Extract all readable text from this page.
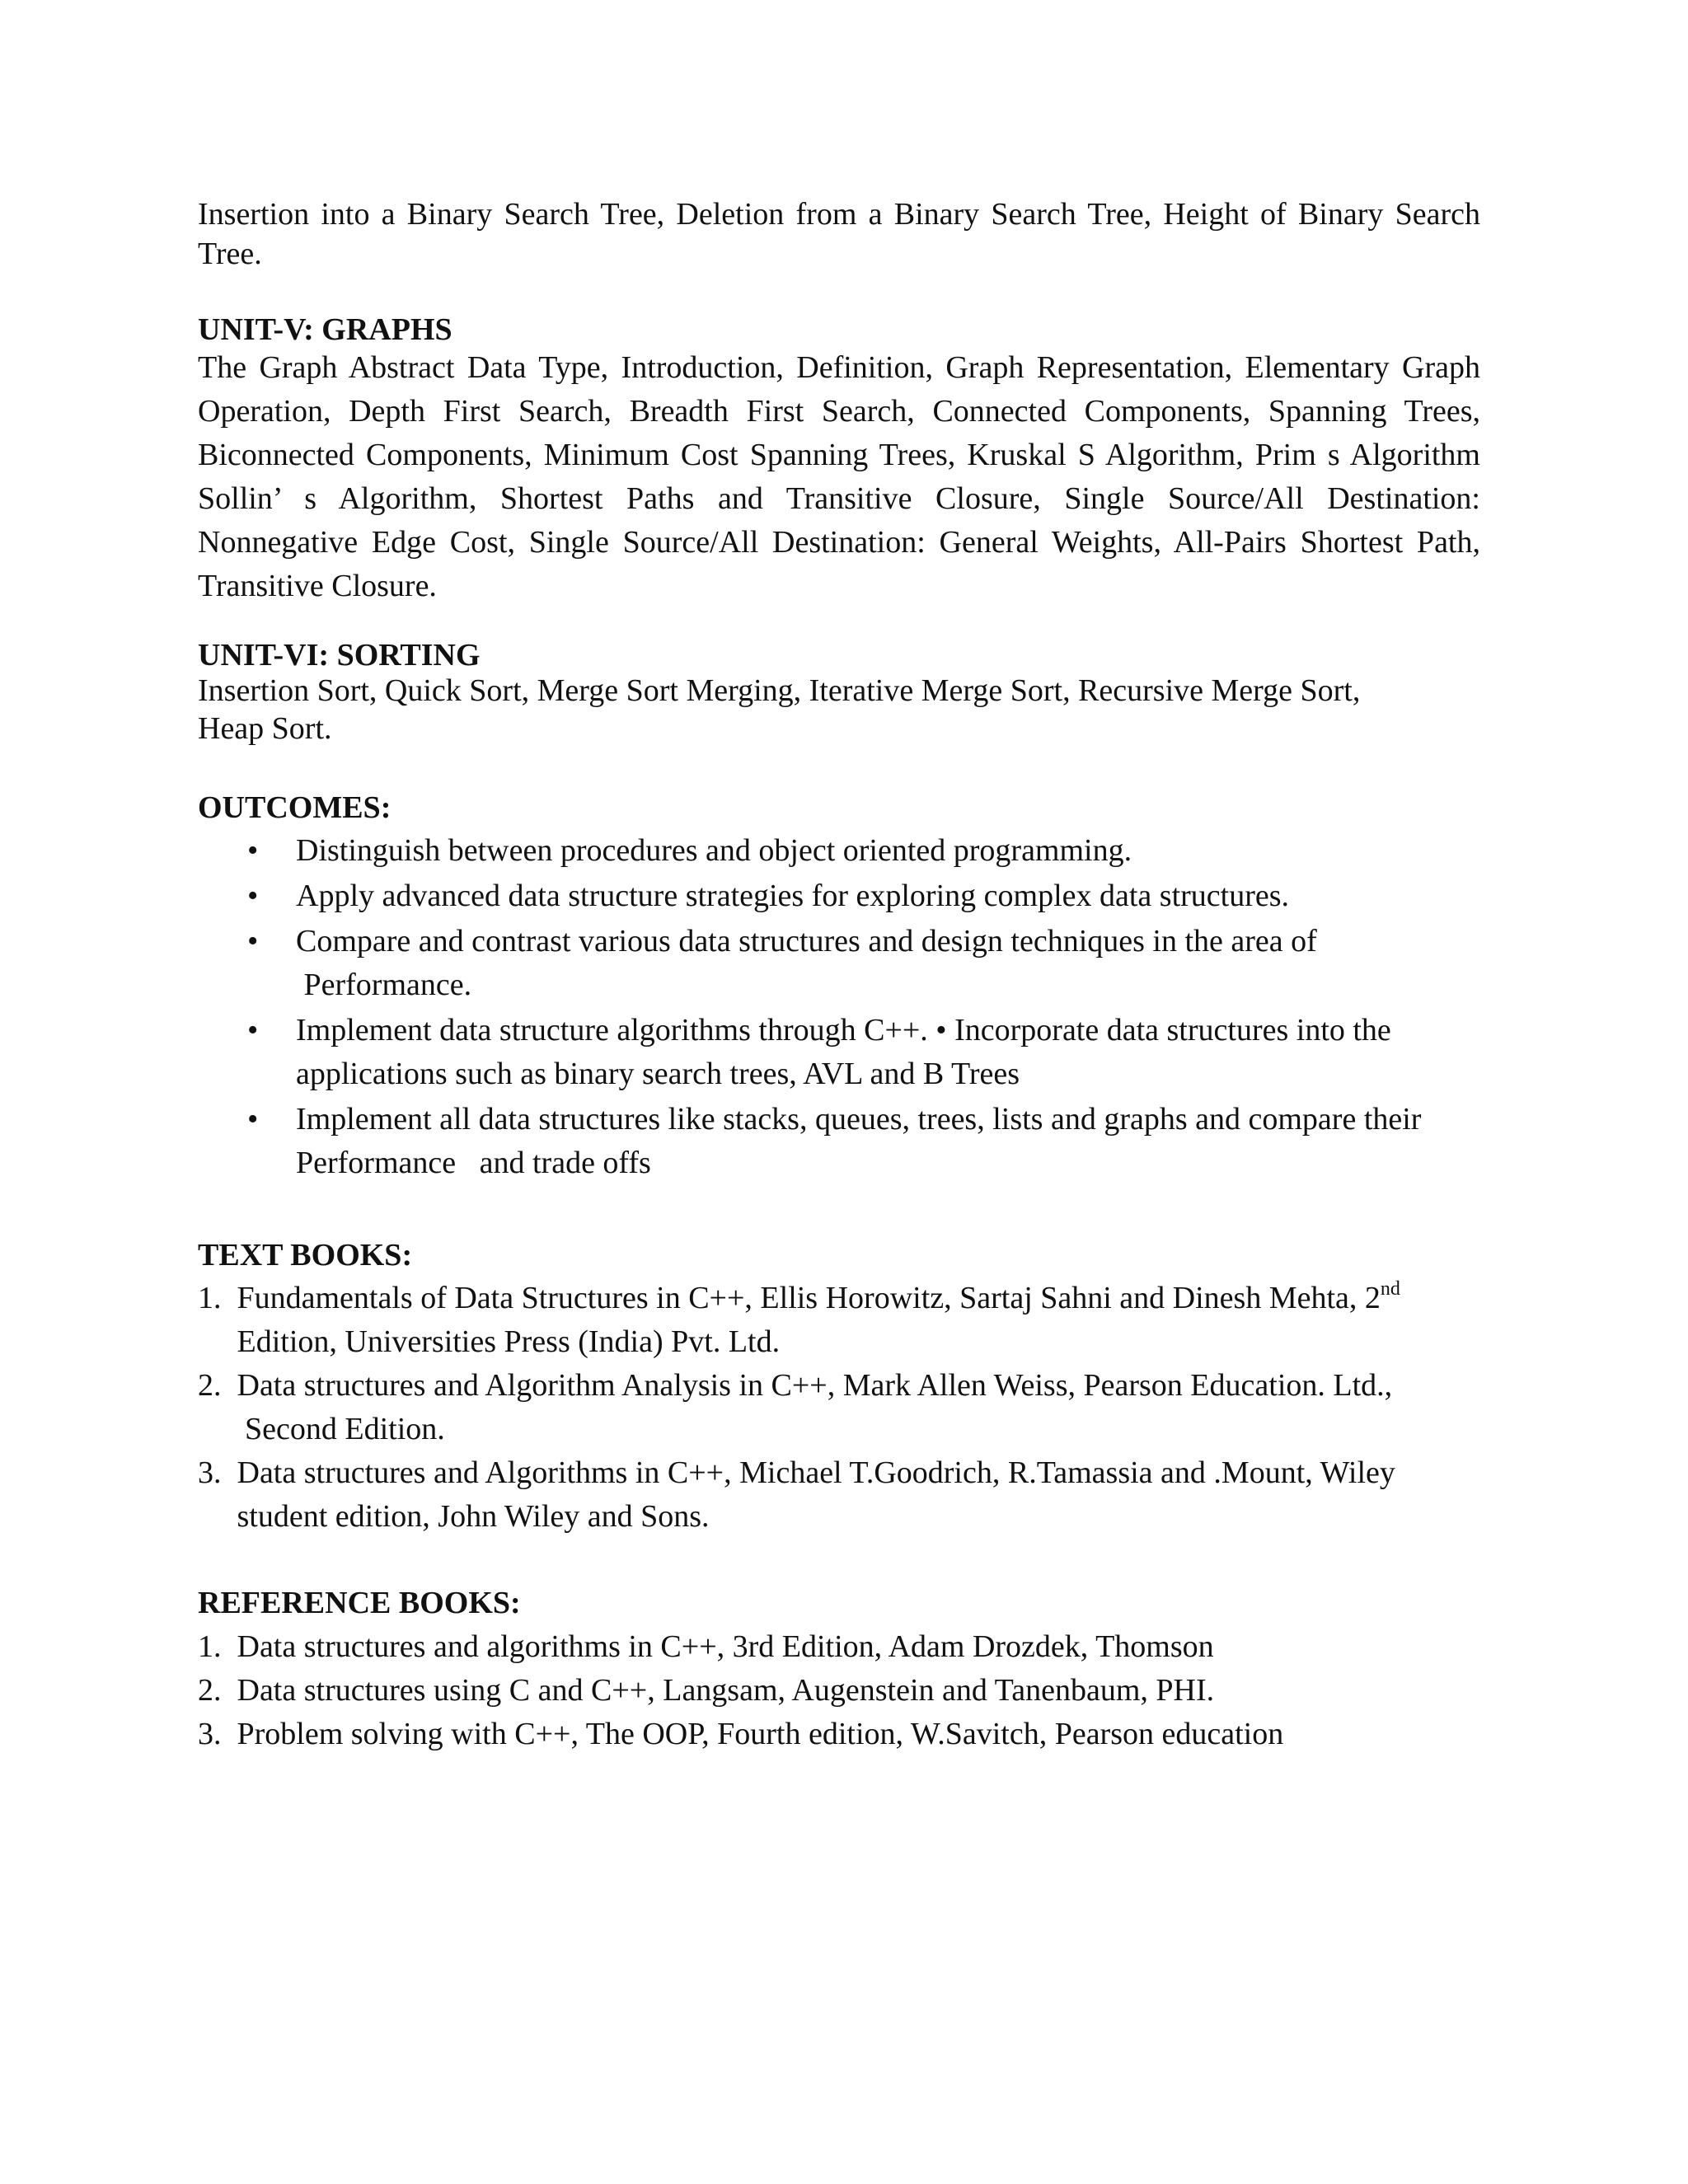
Insertion into a Binary Search Tree, Deletion from a Binary Search Tree, Height of Binary Search Tree.

UNIT-V: GRAPHS

The Graph Abstract Data Type, Introduction, Definition, Graph Representation, Elementary Graph Operation, Depth First Search, Breadth First Search, Connected Components, Spanning Trees, Biconnected Components, Minimum Cost Spanning Trees, Kruskal S Algorithm, Prim s Algorithm Sollin’ s Algorithm, Shortest Paths and Transitive Closure, Single Source/All Destination: Nonnegative Edge Cost, Single Source/All Destination: General Weights, All-Pairs Shortest Path, Transitive Closure.

UNIT-VI: SORTING
Insertion Sort, Quick Sort, Merge Sort Merging, Iterative Merge Sort, Recursive Merge Sort,
Heap Sort.
OUTCOMES:
• Distinguish between procedures and object oriented programming.
• Apply advanced data structure strategies for exploring complex data structures.
• Compare and contrast various data structures and design techniques in the area of
Performance.
• Implement data structure algorithms through C++. • Incorporate data structures into the
applications such as binary search trees, AVL and B Trees
• Implement all data structures like stacks, queues, trees, lists and graphs and compare their
Performance   and trade offs
TEXT BOOKS:
1. Fundamentals of Data Structures in C++, Ellis Horowitz, Sartaj Sahni and Dinesh Mehta, 2nd
Edition, Universities Press (India) Pvt. Ltd.
2. Data structures and Algorithm Analysis in C++, Mark Allen Weiss, Pearson Education. Ltd.,
Second Edition.
3. Data structures and Algorithms in C++, Michael T.Goodrich, R.Tamassia and .Mount, Wiley
student edition, John Wiley and Sons.
REFERENCE BOOKS:
1. Data structures and algorithms in C++, 3rd Edition, Adam Drozdek, Thomson
2. Data structures using C and C++, Langsam, Augenstein and Tanenbaum, PHI.
3. Problem solving with C++, The OOP, Fourth edition, W.Savitch, Pearson education
